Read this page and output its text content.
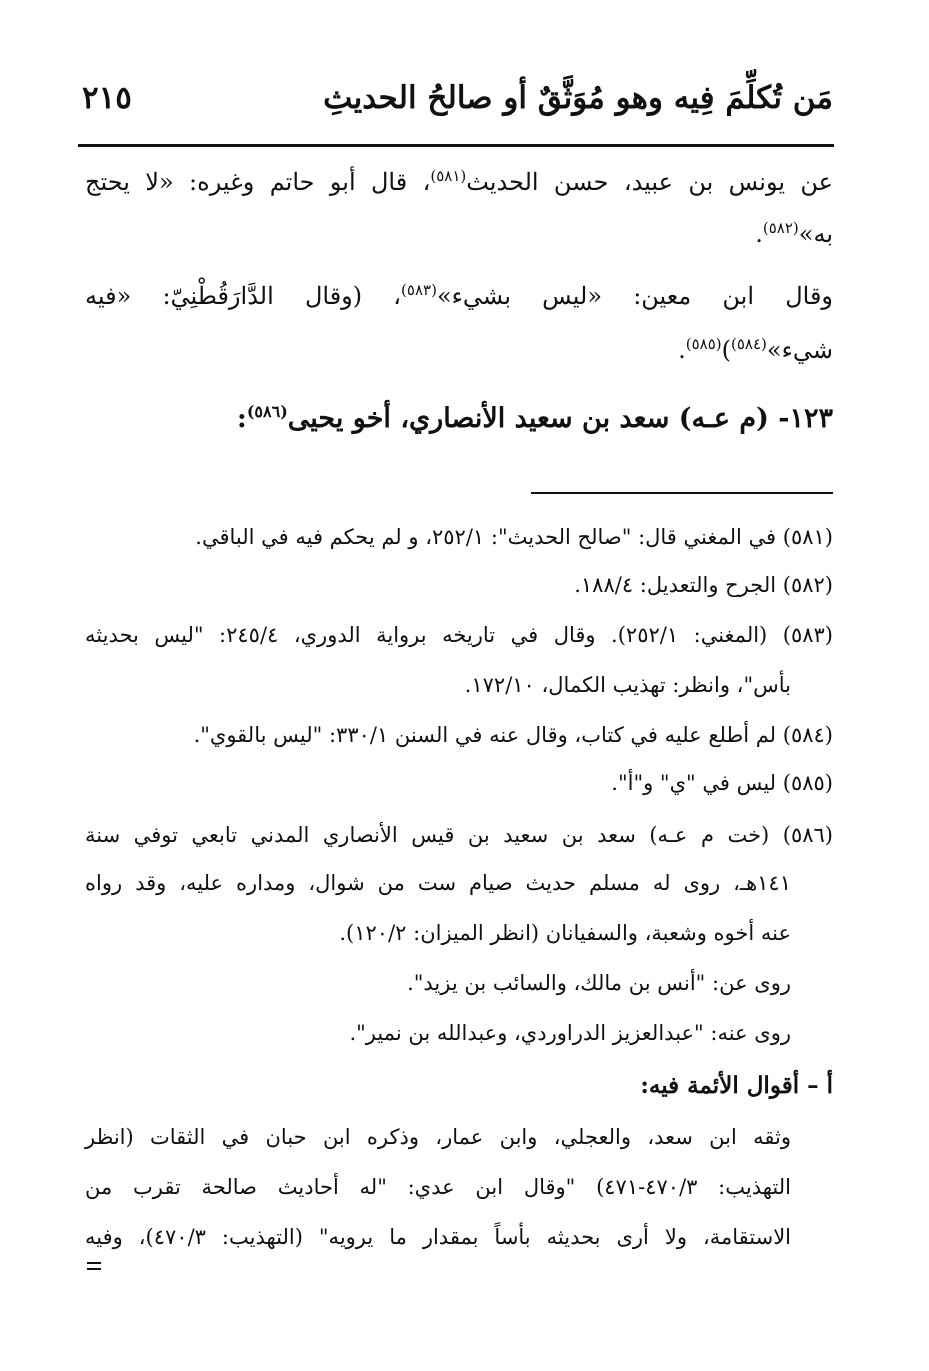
مَن تُكلِّمَ فِيه وهو مُوَثَّقٌ أو صالحُ الحديثِ
٢١٥
عن يونس بن عبيد، حسن الحديث$^{(٥٨١)}$، قال أبو حاتم وغيره: «لا يحتج
به»$^{(٥٨٢)}$.
وقال ابن معين: «ليس بشيء»$^{(٥٨٣)}$، (وقال الدَّارَقُطْنِيّ: «فيه
شيء»$^{(٥٨٤)}$)$^{(٥٨٥)}$.
١٢٣- (م عـه) سعد بن سعيد الأنصاري، أخو يحيى$^{(٥٨٦)}$:
(٥٨١) في المغني قال: "صالح الحديث": ٢٥٢/١، و لم يحكم فيه في الباقي.
(٥٨٢) الجرح والتعديل: ١٨٨/٤.
(٥٨٣) (المغني: ٢٥٢/١). وقال في تاريخه برواية الدوري، ٢٤٥/٤: "ليس بحديثه
بأس"، وانظر: تهذيب الكمال، ١٧٢/١٠.
(٥٨٤) لم أطلع عليه في كتاب، وقال عنه في السنن ٣٣٠/١: "ليس بالقوي".
(٥٨٥) ليس في "ي" و"أ".
(٥٨٦) (خت م عـه) سعد بن سعيد بن قيس الأنصاري المدني تابعي توفي سنة
١٤١هـ، روى له مسلم حديث صيام ست من شوال، ومداره عليه، وقد رواه
عنه أخوه وشعبة، والسفيانان (انظر الميزان: ١٢٠/٢).
روى عن: "أنس بن مالك، والسائب بن يزيد".
روى عنه: "عبدالعزيز الدراوردي، وعبدالله بن نمير".
أ – أقوال الأئمة فيه:
وثقه ابن سعد، والعجلي، وابن عمار، وذكره ابن حبان في الثقات (انظر
التهذيب: ٤٧٠/٣-٤٧١) "وقال ابن عدي: "له أحاديث صالحة تقرب من
الاستقامة، ولا أرى بحديثه بأساً بمقدار ما يرويه" (التهذيب: ٤٧٠/٣)، وفيه
